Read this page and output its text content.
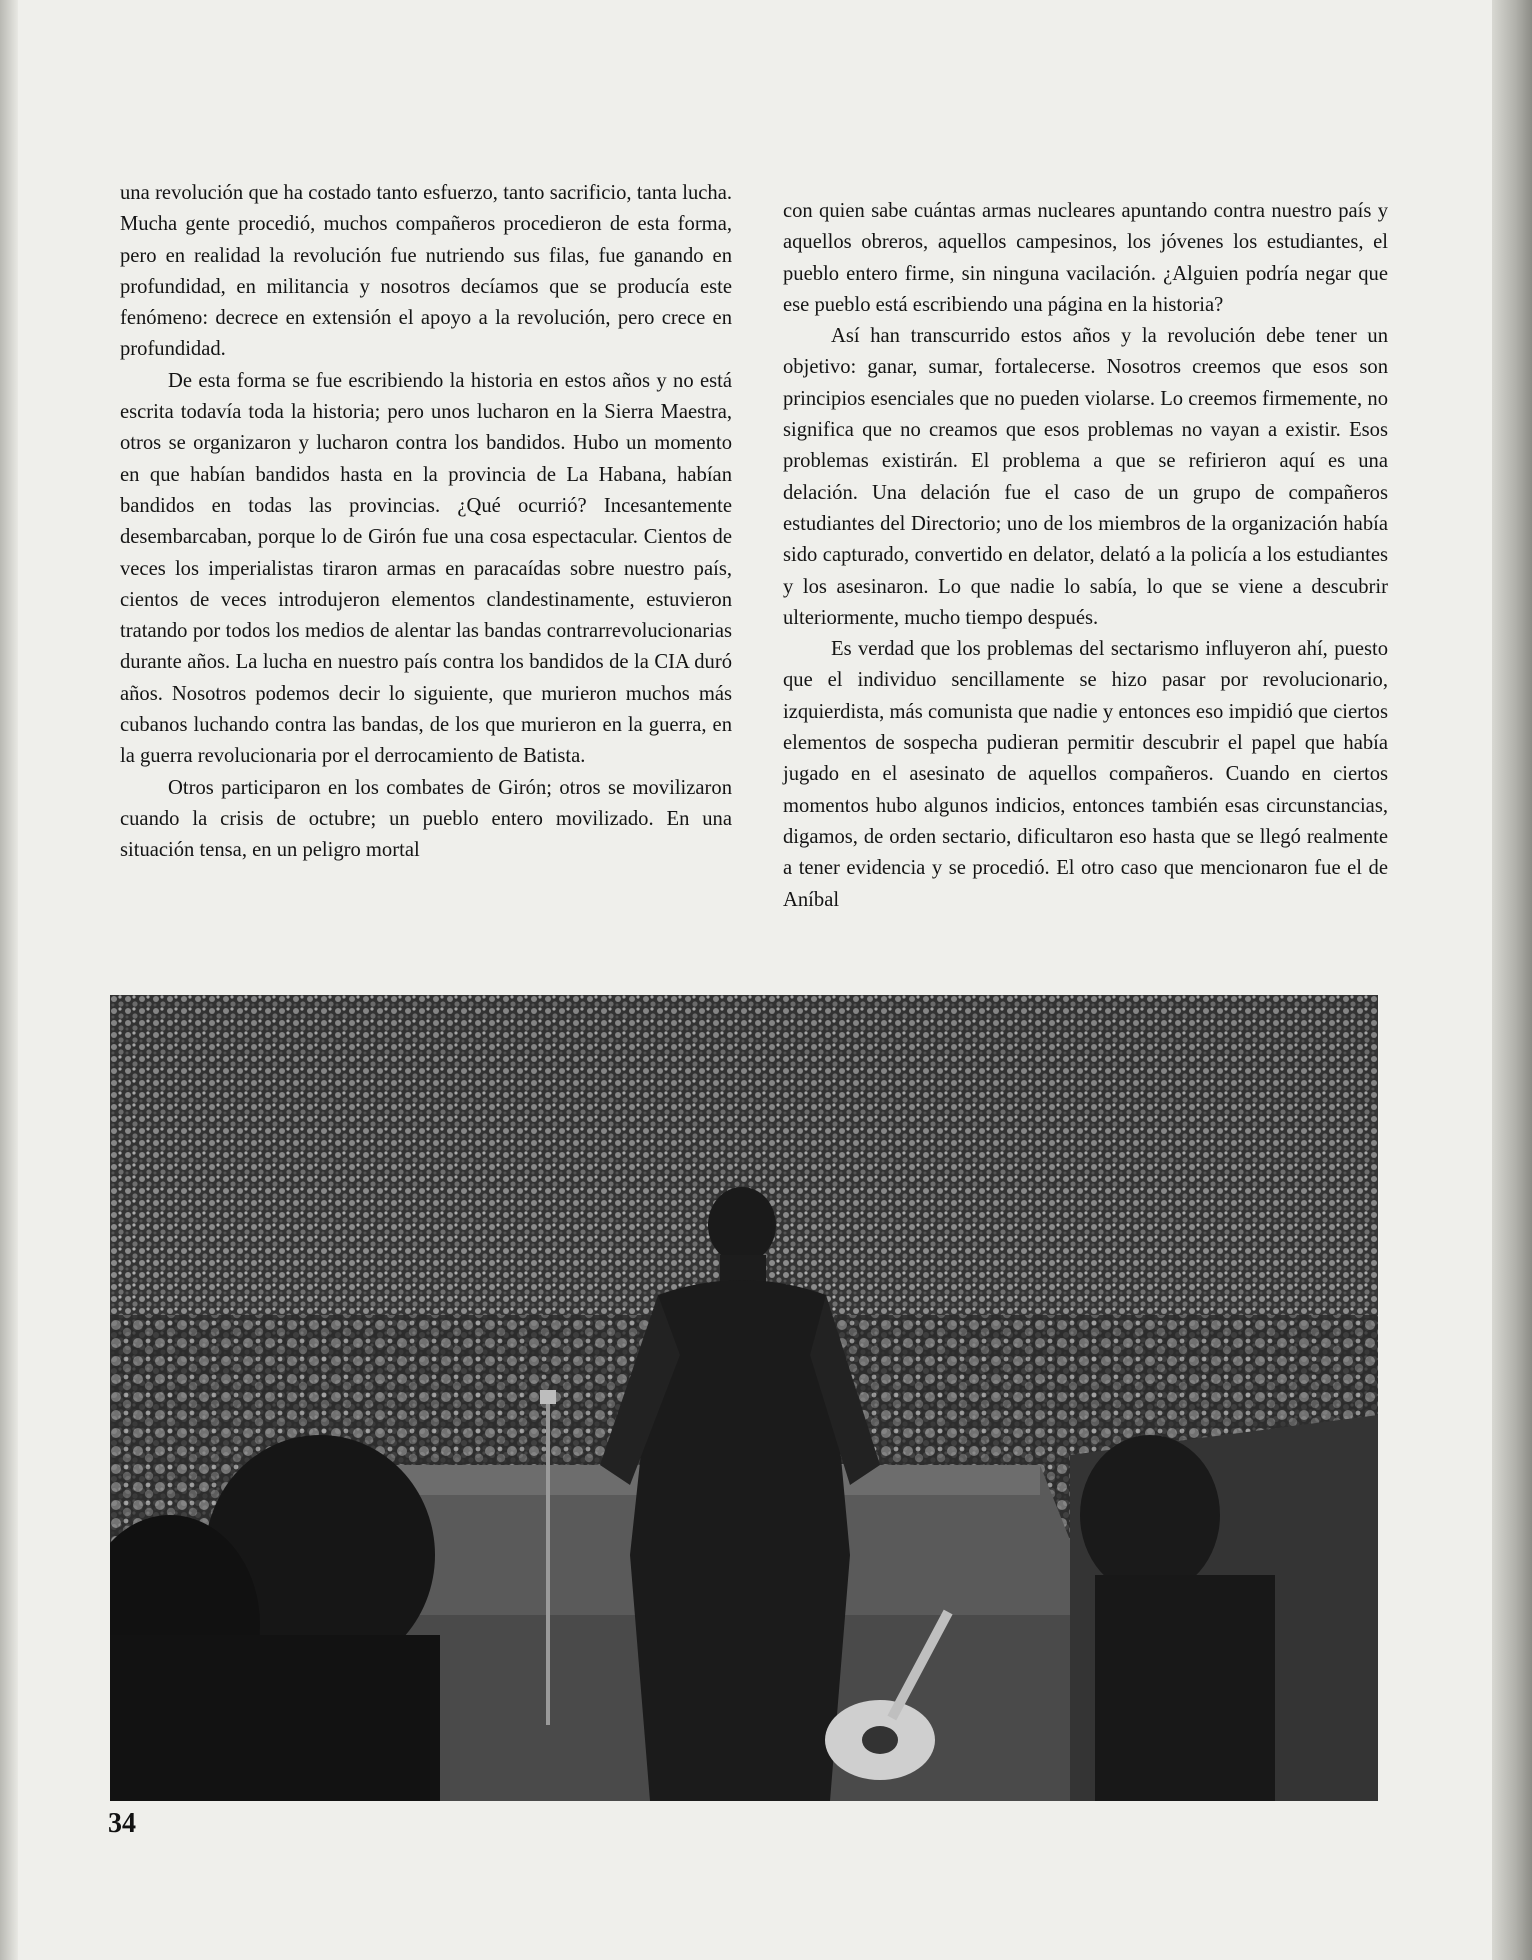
una revolución que ha costado tanto esfuerzo, tanto sacrificio, tanta lucha. Mucha gente procedió, muchos compañeros procedieron de esta forma, pero en realidad la revolución fue nutriendo sus filas, fue ganando en profundidad, en militancia y nosotros decíamos que se producía este fenómeno: decrece en extensión el apoyo a la revolución, pero crece en profundidad.

De esta forma se fue escribiendo la historia en estos años y no está escrita todavía toda la historia; pero unos lucharon en la Sierra Maestra, otros se organizaron y lucharon contra los bandidos. Hubo un momento en que habían bandidos hasta en la provincia de La Habana, habían bandidos en todas las provincias. ¿Qué ocurrió? Incesantemente desembarcaban, porque lo de Girón fue una cosa espectacular. Cientos de veces los imperialistas tiraron armas en paracaídas sobre nuestro país, cientos de veces introdujeron elementos clandestinamente, estuvieron tratando por todos los medios de alentar las bandas contrarrevolucionarias durante años. La lucha en nuestro país contra los bandidos de la CIA duró años. Nosotros podemos decir lo siguiente, que murieron muchos más cubanos luchando contra las bandas, de los que murieron en la guerra, en la guerra revolucionaria por el derrocamiento de Batista.

Otros participaron en los combates de Girón; otros se movilizaron cuando la crisis de octubre; un pueblo entero movilizado. En una situación tensa, en un peligro mortal

con quien sabe cuántas armas nucleares apuntando contra nuestro país y aquellos obreros, aquellos campesinos, los jóvenes los estudiantes, el pueblo entero firme, sin ninguna vacilación. ¿Alguien podría negar que ese pueblo está escribiendo una página en la historia?

Así han transcurrido estos años y la revolución debe tener un objetivo: ganar, sumar, fortalecerse. Nosotros creemos que esos son principios esenciales que no pueden violarse. Lo creemos firmemente, no significa que no creamos que esos problemas no vayan a existir. Esos problemas existirán. El problema a que se refirieron aquí es una delación. Una delación fue el caso de un grupo de compañeros estudiantes del Directorio; uno de los miembros de la organización había sido capturado, convertido en delator, delató a la policía a los estudiantes y los asesinaron. Lo que nadie lo sabía, lo que se viene a descubrir ulteriormente, mucho tiempo después.

Es verdad que los problemas del sectarismo influyeron ahí, puesto que el individuo sencillamente se hizo pasar por revolucionario, izquierdista, más comunista que nadie y entonces eso impidió que ciertos elementos de sospecha pudieran permitir descubrir el papel que había jugado en el asesinato de aquellos compañeros. Cuando en ciertos momentos hubo algunos indicios, entonces también esas circunstancias, digamos, de orden sectario, dificultaron eso hasta que se llegó realmente a tener evidencia y se procedió. El otro caso que mencionaron fue el de Aníbal

34
